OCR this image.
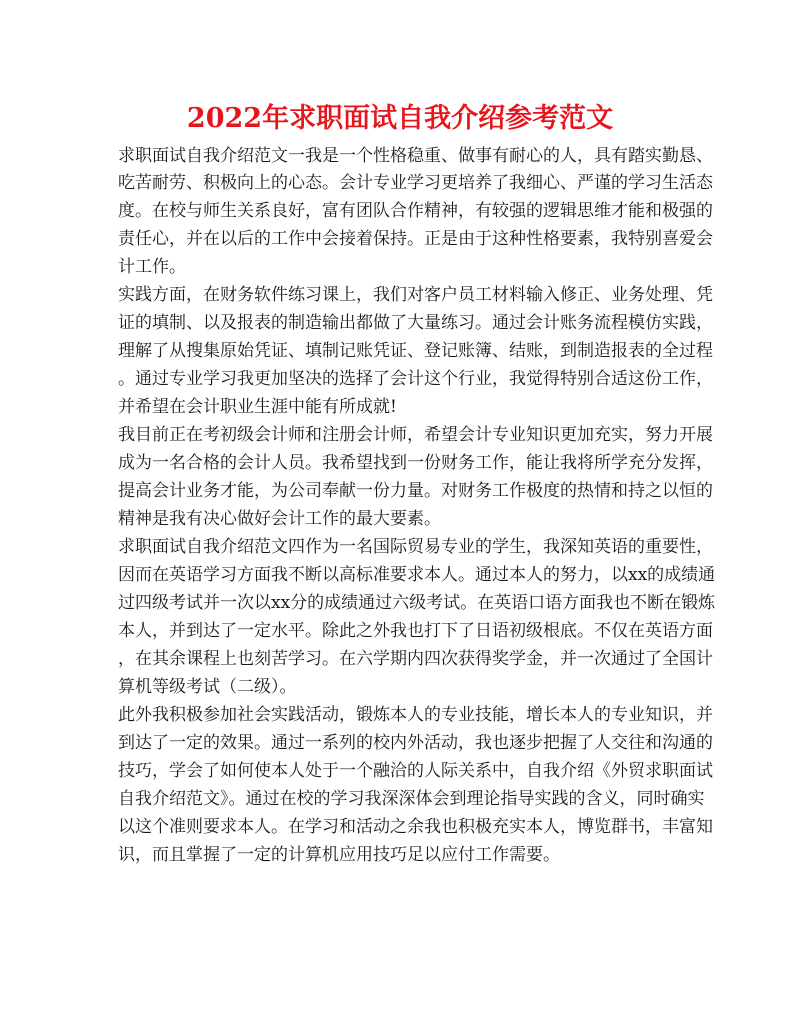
2022年求职面试自我介绍参考范文
求职面试自我介绍范文一我是一个性格稳重、做事有耐心的人，具有踏实勤恳、
吃苦耐劳、积极向上的心态。会计专业学习更培养了我细心、严谨的学习生活态
度。在校与师生关系良好，富有团队合作精神，有较强的逻辑思维才能和极强的
责任心，并在以后的工作中会接着保持。正是由于这种性格要素，我特别喜爱会
计工作。
实践方面，在财务软件练习课上，我们对客户员工材料输入修正、业务处理、凭
证的填制、以及报表的制造输出都做了大量练习。通过会计账务流程模仿实践，
理解了从搜集原始凭证、填制记账凭证、登记账簿、结账，到制造报表的全过程
。通过专业学习我更加坚决的选择了会计这个行业，我觉得特别合适这份工作，
并希望在会计职业生涯中能有所成就!
我目前正在考初级会计师和注册会计师，希望会计专业知识更加充实，努力开展
成为一名合格的会计人员。我希望找到一份财务工作，能让我将所学充分发挥，
提高会计业务才能，为公司奉献一份力量。对财务工作极度的热情和持之以恒的
精神是我有决心做好会计工作的最大要素。
求职面试自我介绍范文四作为一名国际贸易专业的学生，我深知英语的重要性，
因而在英语学习方面我不断以高标准要求本人。通过本人的努力，以xx的成绩通
过四级考试并一次以xx分的成绩通过六级考试。在英语口语方面我也不断在锻炼
本人，并到达了一定水平。除此之外我也打下了日语初级根底。不仅在英语方面
，在其余课程上也刻苦学习。在六学期内四次获得奖学金，并一次通过了全国计
算机等级考试（二级）。
此外我积极参加社会实践活动，锻炼本人的专业技能，增长本人的专业知识，并
到达了一定的效果。通过一系列的校内外活动，我也逐步把握了人交往和沟通的
技巧，学会了如何使本人处于一个融洽的人际关系中，自我介绍《外贸求职面试
自我介绍范文》。通过在校的学习我深深体会到理论指导实践的含义，同时确实
以这个准则要求本人。在学习和活动之余我也积极充实本人，博览群书，丰富知
识，而且掌握了一定的计算机应用技巧足以应付工作需要。
